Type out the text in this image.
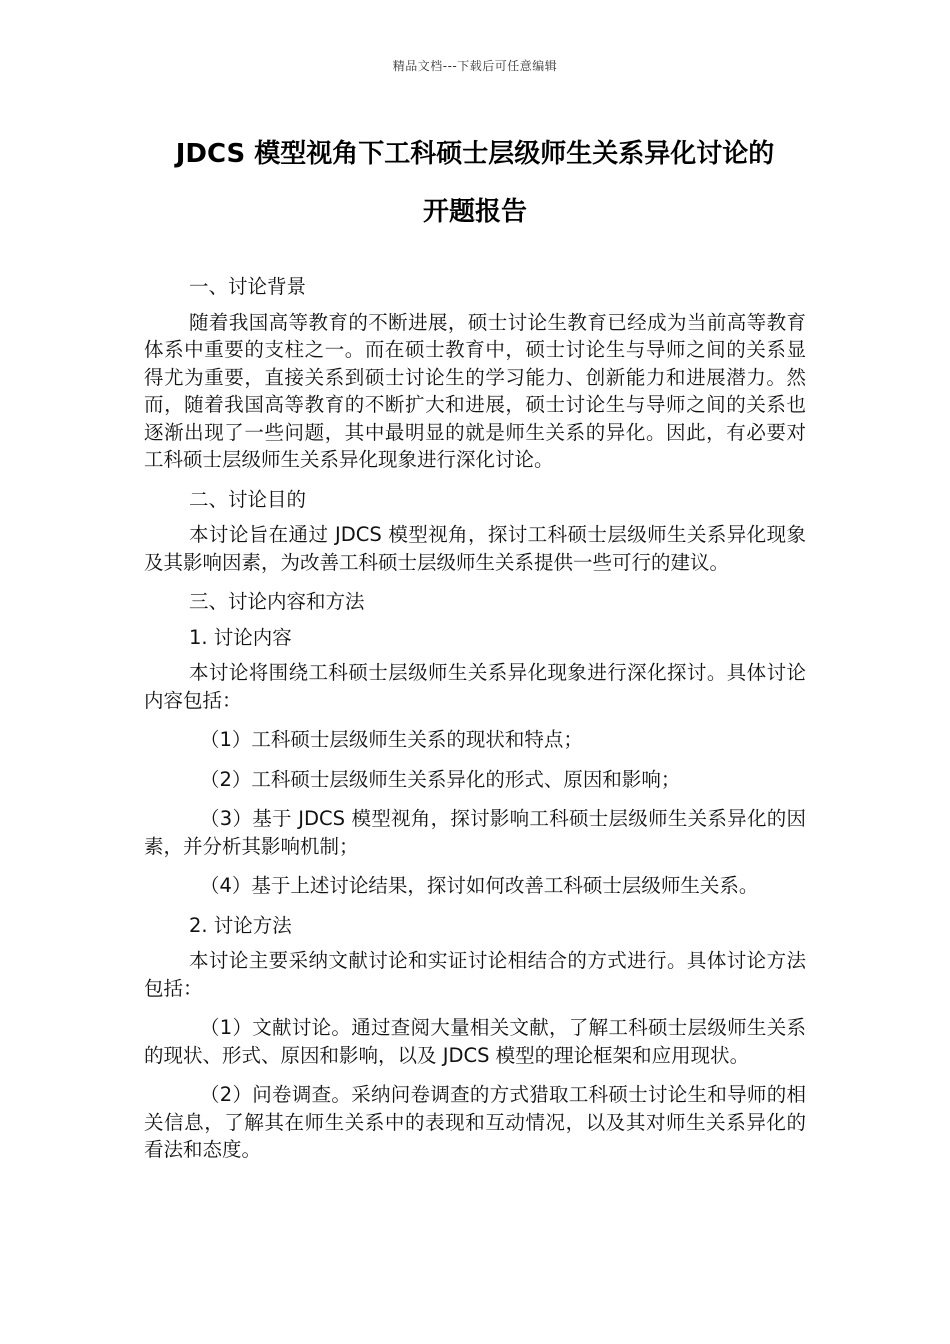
精品文档---下载后可任意编辑
JDCS 模型视角下工科硕士层级师生关系异化讨论的
开题报告

一、讨论背景

随着我国高等教育的不断进展，硕士讨论生教育已经成为当前高等教育体系中重要的支柱之一。而在硕士教育中，硕士讨论生与导师之间的关系显得尤为重要，直接关系到硕士讨论生的学习能力、创新能力和进展潜力。然而，随着我国高等教育的不断扩大和进展，硕士讨论生与导师之间的关系也逐渐出现了一些问题，其中最明显的就是师生关系的异化。因此，有必要对工科硕士层级师生关系异化现象进行深化讨论。

二、讨论目的

本讨论旨在通过 JDCS 模型视角，探讨工科硕士层级师生关系异化现象及其影响因素，为改善工科硕士层级师生关系提供一些可行的建议。

三、讨论内容和方法

1. 讨论内容

本讨论将围绕工科硕士层级师生关系异化现象进行深化探讨。具体讨论内容包括：

（1）工科硕士层级师生关系的现状和特点；

（2）工科硕士层级师生关系异化的形式、原因和影响；

（3）基于 JDCS 模型视角，探讨影响工科硕士层级师生关系异化的因素，并分析其影响机制；

（4）基于上述讨论结果，探讨如何改善工科硕士层级师生关系。

2. 讨论方法

本讨论主要采纳文献讨论和实证讨论相结合的方式进行。具体讨论方法包括：

（1）文献讨论。通过查阅大量相关文献，了解工科硕士层级师生关系的现状、形式、原因和影响，以及 JDCS 模型的理论框架和应用现状。

（2）问卷调查。采纳问卷调查的方式猎取工科硕士讨论生和导师的相关信息，了解其在师生关系中的表现和互动情况，以及其对师生关系异化的看法和态度。
